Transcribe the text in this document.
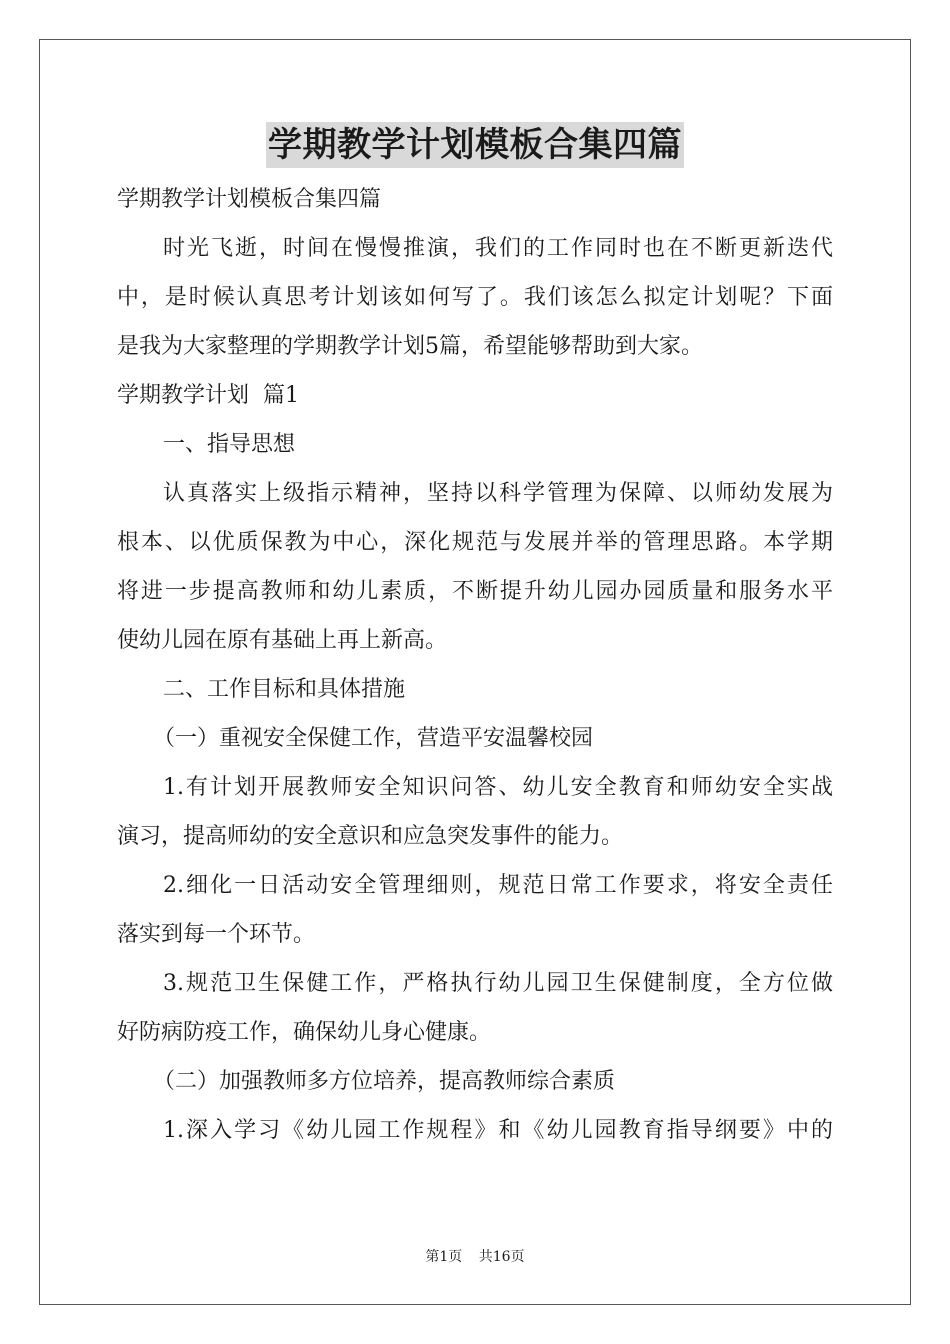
学期教学计划模板合集四篇

学期教学计划模板合集四篇

时光飞逝，时间在慢慢推演，我们的工作同时也在不断更新迭代

中，是时候认真思考计划该如何写了。我们该怎么拟定计划呢？下面

是我为大家整理的学期教学计划5篇，希望能够帮助到大家。

学期教学计划  篇1

一、指导思想

认真落实上级指示精神，坚持以科学管理为保障、以师幼发展为

根本、以优质保教为中心，深化规范与发展并举的管理思路。本学期

将进一步提高教师和幼儿素质，不断提升幼儿园办园质量和服务水平

使幼儿园在原有基础上再上新高。

二、工作目标和具体措施

（一）重视安全保健工作，营造平安温馨校园

1.有计划开展教师安全知识问答、幼儿安全教育和师幼安全实战

演习，提高师幼的安全意识和应急突发事件的能力。

2.细化一日活动安全管理细则，规范日常工作要求，将安全责任

落实到每一个环节。

3.规范卫生保健工作，严格执行幼儿园卫生保健制度，全方位做

好防病防疫工作，确保幼儿身心健康。

（二）加强教师多方位培养，提高教师综合素质

1.深入学习《幼儿园工作规程》和《幼儿园教育指导纲要》中的

第1页 共16页
